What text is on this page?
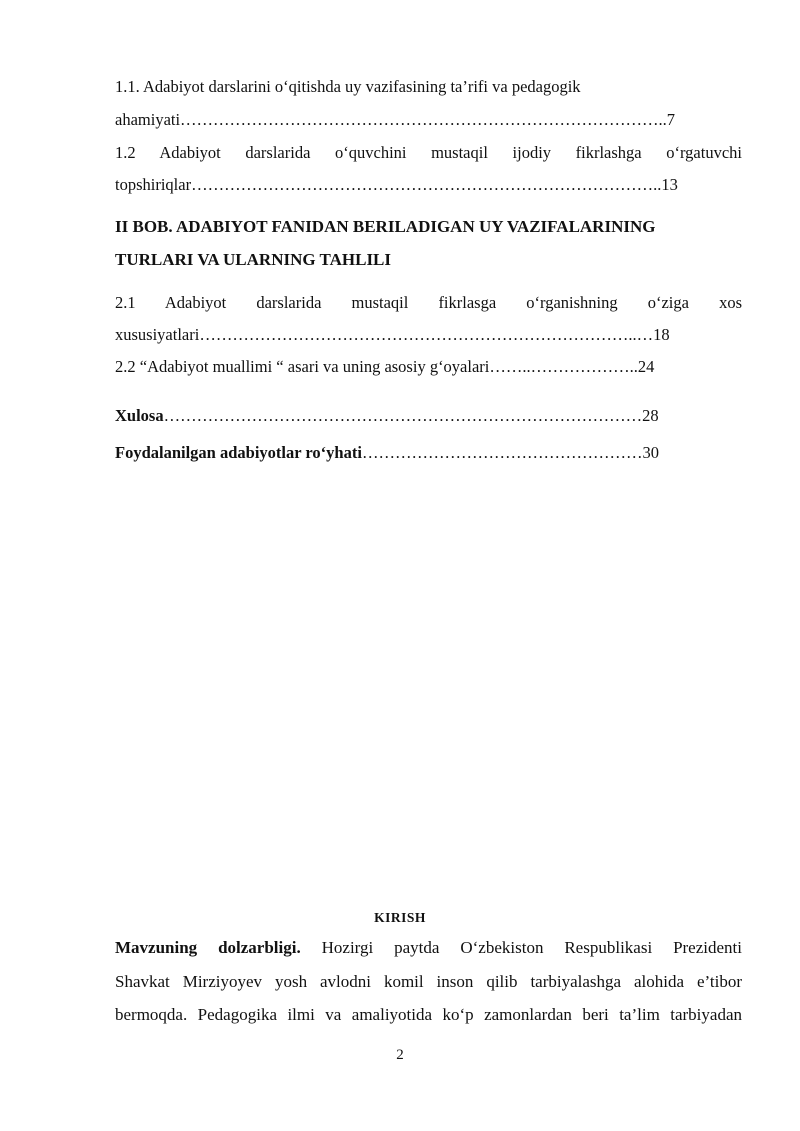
1.1. Adabiyot darslarini o‘qitishda uy vazifasining ta’rifi va pedagogik
ahamiyati……………………………………………………………………………..7
1.2 Adabiyot darslarida o‘quvchini mustaqil ijodiy fikrlashga o‘rgatuvchi
topshiriqlar…………………………………………………………………………..13
II BOB. ADABIYOT FANIDAN BERILADIGAN UY VAZIFALARINING
TURLARI VA ULARNING TAHLILI
2.1 Adabiyot darslarida mustaqil fikrlasga o‘rganishning o‘ziga xos
xususiyatlari……………………………………………………………………..…18
2.2 “Adabiyot muallimi “ asari va uning asosiy g‘oyalari……..………………..24
Xulosa……………………………………………………………………………28
Foydalanilgan adabiyotlar ro‘yhati……………………………………………30
KIRISH
Mavzuning dolzarbligi. Hozirgi paytda O‘zbekiston Respublikasi Prezidenti
Shavkat Mirziyoyev yosh avlodni komil inson qilib tarbiyalashga alohida e’tibor
bermoqda. Pedagogika ilmi va amaliyotida ko‘p zamonlardan beri ta’lim tarbiyadan
2
